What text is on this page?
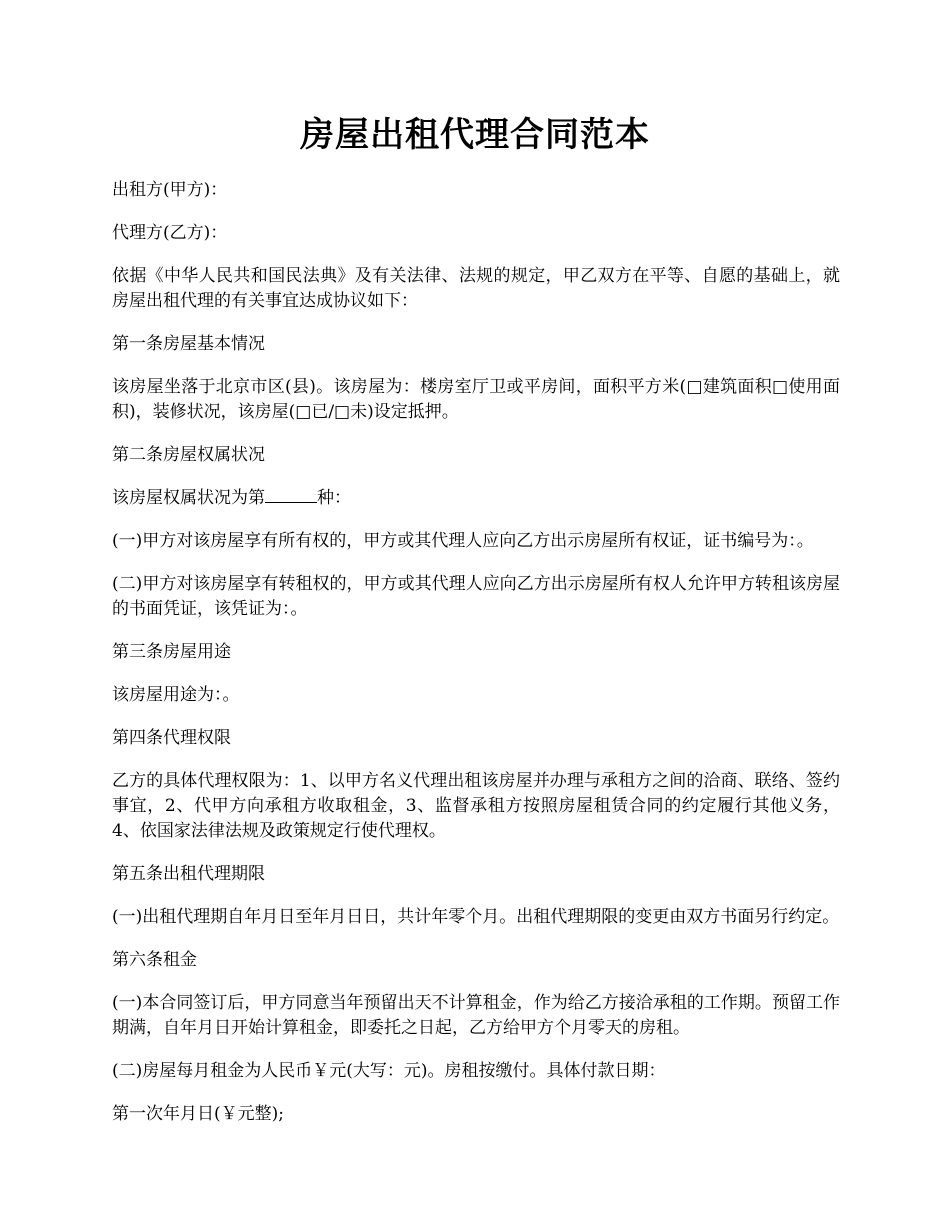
房屋出租代理合同范本

出租方(甲方)：

代理方(乙方)：

依据《中华人民共和国民法典》及有关法律、法规的规定，甲乙双方在平等、自愿的基础上，就房屋出租代理的有关事宜达成协议如下：

第一条房屋基本情况

该房屋坐落于北京市区(县)。该房屋为：楼房室厅卫或平房间，面积平方米(□建筑面积□使用面积)，装修状况，该房屋(□已/□未)设定抵押。

第二条房屋权属状况

该房屋权属状况为第	种：

(一)甲方对该房屋享有所有权的，甲方或其代理人应向乙方出示房屋所有权证，证书编号为：。

(二)甲方对该房屋享有转租权的，甲方或其代理人应向乙方出示房屋所有权人允许甲方转租该房屋的书面凭证，该凭证为：。

第三条房屋用途

该房屋用途为：。

第四条代理权限

乙方的具体代理权限为：1、以甲方名义代理出租该房屋并办理与承租方之间的洽商、联络、签约事宜，2、代甲方向承租方收取租金，3、监督承租方按照房屋租赁合同的约定履行其他义务，4、依国家法律法规及政策规定行使代理权。

第五条出租代理期限

(一)出租代理期自年月日至年月日日，共计年零个月。出租代理期限的变更由双方书面另行约定。

第六条租金

(一)本合同签订后，甲方同意当年预留出天不计算租金，作为给乙方接洽承租的工作期。预留工作期满，自年月日开始计算租金，即委托之日起，乙方给甲方个月零天的房租。

(二)房屋每月租金为人民币￥元(大写：元)。房租按缴付。具体付款日期：

第一次年月日(￥元整);
